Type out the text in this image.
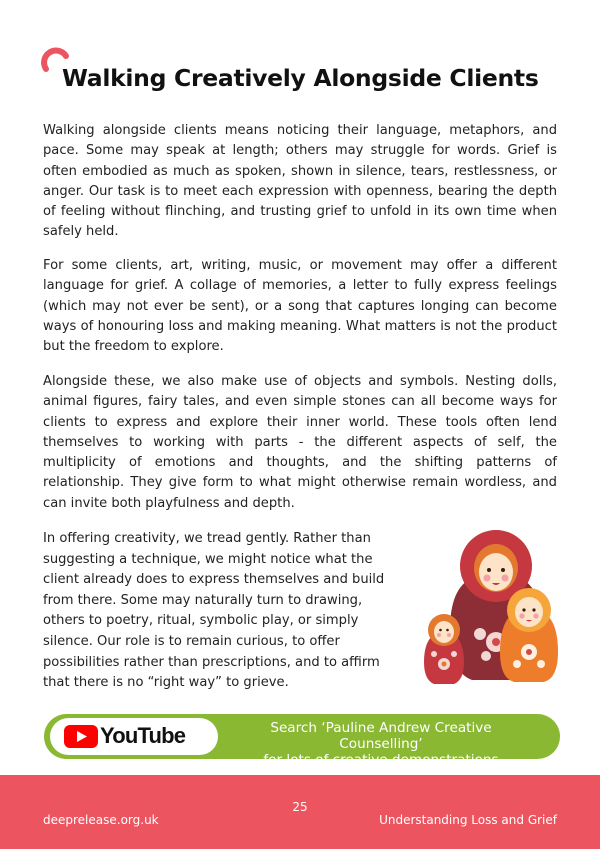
Walking Creatively Alongside Clients

Walking alongside clients means noticing their language, metaphors, and pace. Some may speak at length; others may struggle for words. Grief is often embodied as much as spoken, shown in silence, tears, restlessness, or anger. Our task is to meet each expression with openness, bearing the depth of feeling without flinching, and trusting grief to unfold in its own time when safely held.

For some clients, art, writing, music, or movement may offer a different language for grief. A collage of memories, a letter to fully express feelings (which may not ever be sent), or a song that captures longing can become ways of honouring loss and making meaning. What matters is not the product but the freedom to explore.

Alongside these, we also make use of objects and symbols. Nesting dolls, animal figures, fairy tales, and even simple stones can all become ways for clients to express and explore their inner world. These tools often lend themselves to working with parts - the different aspects of self, the multiplicity of emotions and thoughts, and the shifting patterns of relationship. They give form to what might otherwise remain wordless, and can invite both playfulness and depth.

In offering creativity, we tread gently. Rather than suggesting a technique, we might notice what the client already does to express themselves and build from there. Some may naturally turn to drawing, others to poetry, ritual, symbolic play, or simply silence. Our role is to remain curious, to offer possibilities rather than prescriptions, and to affirm that there is no “right way” to grieve.

YouTube	Search ‘Pauline Andrew Creative Counselling’
for lots of creative demonstrations
25
deeprelease.org.uk	Understanding Loss and Grief
